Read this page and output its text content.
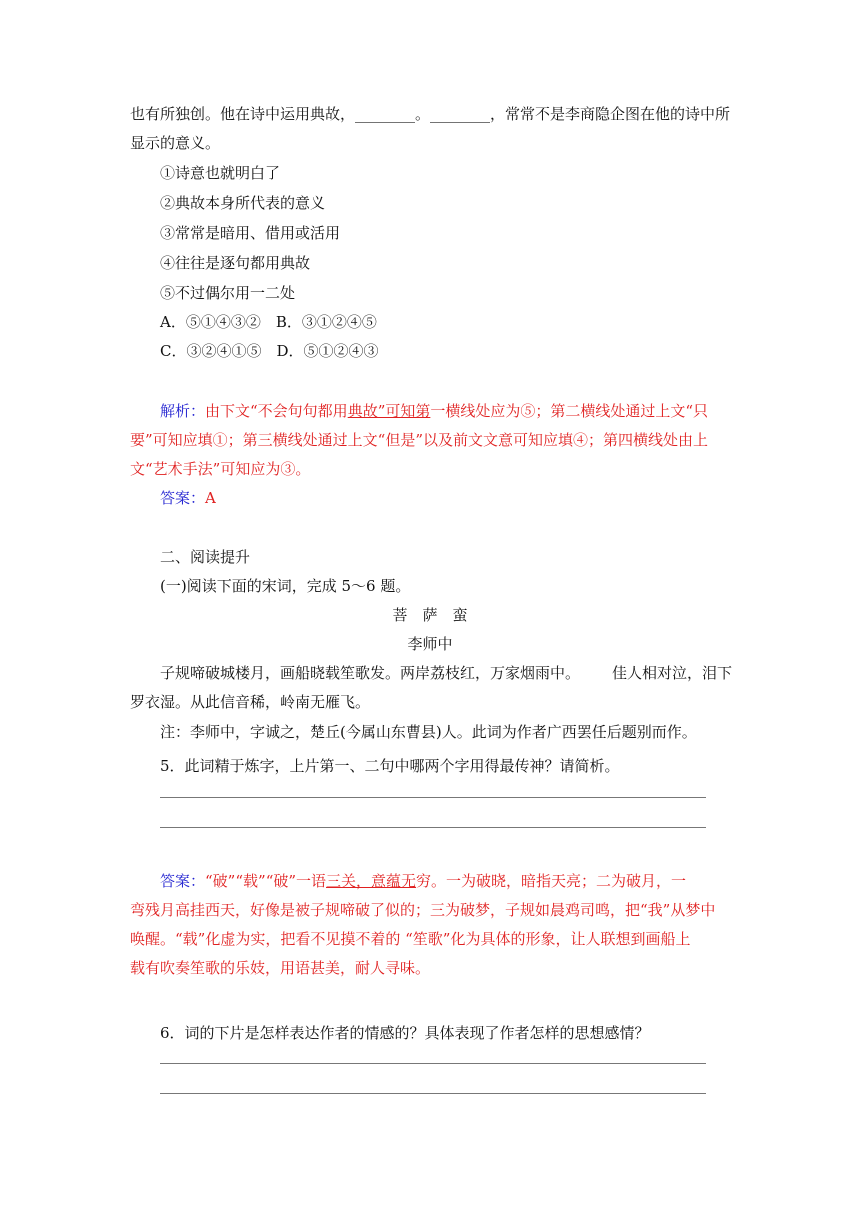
也有所独创。他在诗中运用典故，________。________，常常不是李商隐企图在他的诗中所
显示的意义。
①诗意也就明白了
②典故本身所代表的意义
③常常是暗用、借用或活用
④往往是逐句都用典故
⑤不过偶尔用一二处
A．⑤①④③②　B．③①②④⑤
C．③②④①⑤　D．⑤①②④③
解析：由下文“不会句句都用典故”可知第一横线处应为⑤；第二横线处通过上文“只
要”可知应填①；第三横线处通过上文“但是”以及前文文意可知应填④；第四横线处由上
文“艺术手法”可知应为③。
答案：A
二、阅读提升
(一)阅读下面的宋词，完成 5～6 题。
菩　萨　蛮
李师中
子规啼破城楼月，画船晓载笙歌发。两岸荔枝红，万家烟雨中。 佳人相对泣，泪下
罗衣湿。从此信音稀，岭南无雁飞。
注：李师中，字诚之，楚丘(今属山东曹县)人。此词为作者广西罢任后题别而作。
5．此词精于炼字，上片第一、二句中哪两个字用得最传神？请简析。
答案：“破”“载”“破”一语三关，意蕴无穷。一为破晓，暗指天亮；二为破月，一
弯残月高挂西天，好像是被子规啼破了似的；三为破梦，子规如晨鸡司鸣，把“我”从梦中
唤醒。“载”化虚为实，把看不见摸不着的 “笙歌”化为具体的形象，让人联想到画船上
载有吹奏笙歌的乐妓，用语甚美，耐人寻味。
6．词的下片是怎样表达作者的情感的？具体表现了作者怎样的思想感情？
